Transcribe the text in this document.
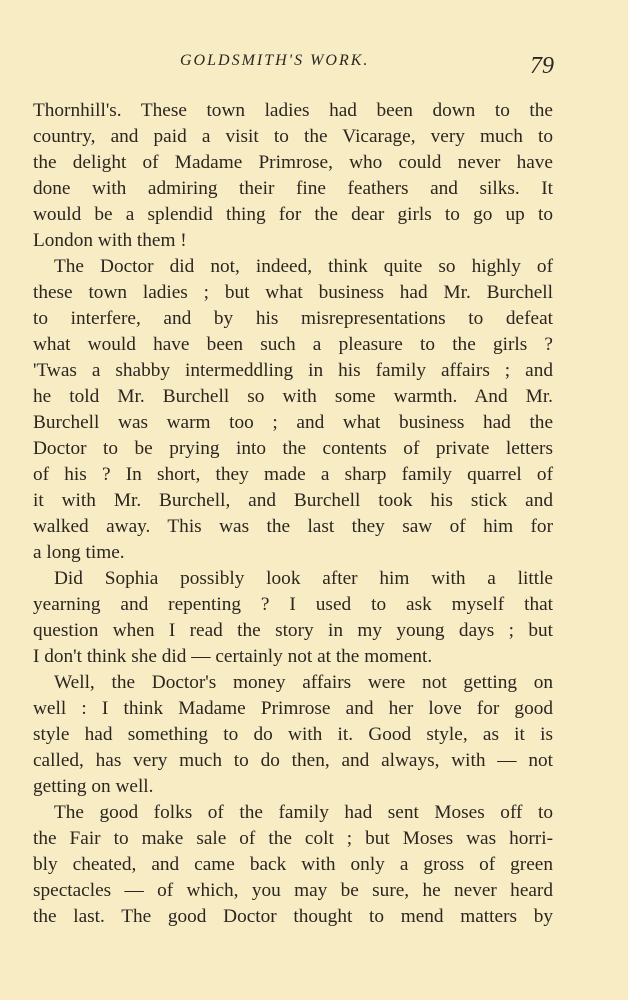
GOLDSMITH'S WORK.	79
Thornhill's. These town ladies had been down to the
country, and paid a visit to the Vicarage, very much to
the delight of Madame Primrose, who could never have
done with admiring their fine feathers and silks. It
would be a splendid thing for the dear girls to go up to
London with them !
The Doctor did not, indeed, think quite so highly of
these town ladies ; but what business had Mr. Burchell
to interfere, and by his misrepresentations to defeat
what would have been such a pleasure to the girls ?
'Twas a shabby intermeddling in his family affairs ; and
he told Mr. Burchell so with some warmth. And Mr.
Burchell was warm too ; and what business had the
Doctor to be prying into the contents of private letters
of his ? In short, they made a sharp family quarrel of
it with Mr. Burchell, and Burchell took his stick and
walked away. This was the last they saw of him for
a long time.
Did Sophia possibly look after him with a little
yearning and repenting ? I used to ask myself that
question when I read the story in my young days ; but
I don't think she did — certainly not at the moment.
Well, the Doctor's money affairs were not getting on
well : I think Madame Primrose and her love for good
style had something to do with it. Good style, as it is
called, has very much to do then, and always, with — not
getting on well.
The good folks of the family had sent Moses off to
the Fair to make sale of the colt ; but Moses was horri-
bly cheated, and came back with only a gross of green
spectacles — of which, you may be sure, he never heard
the last. The good Doctor thought to mend matters by
